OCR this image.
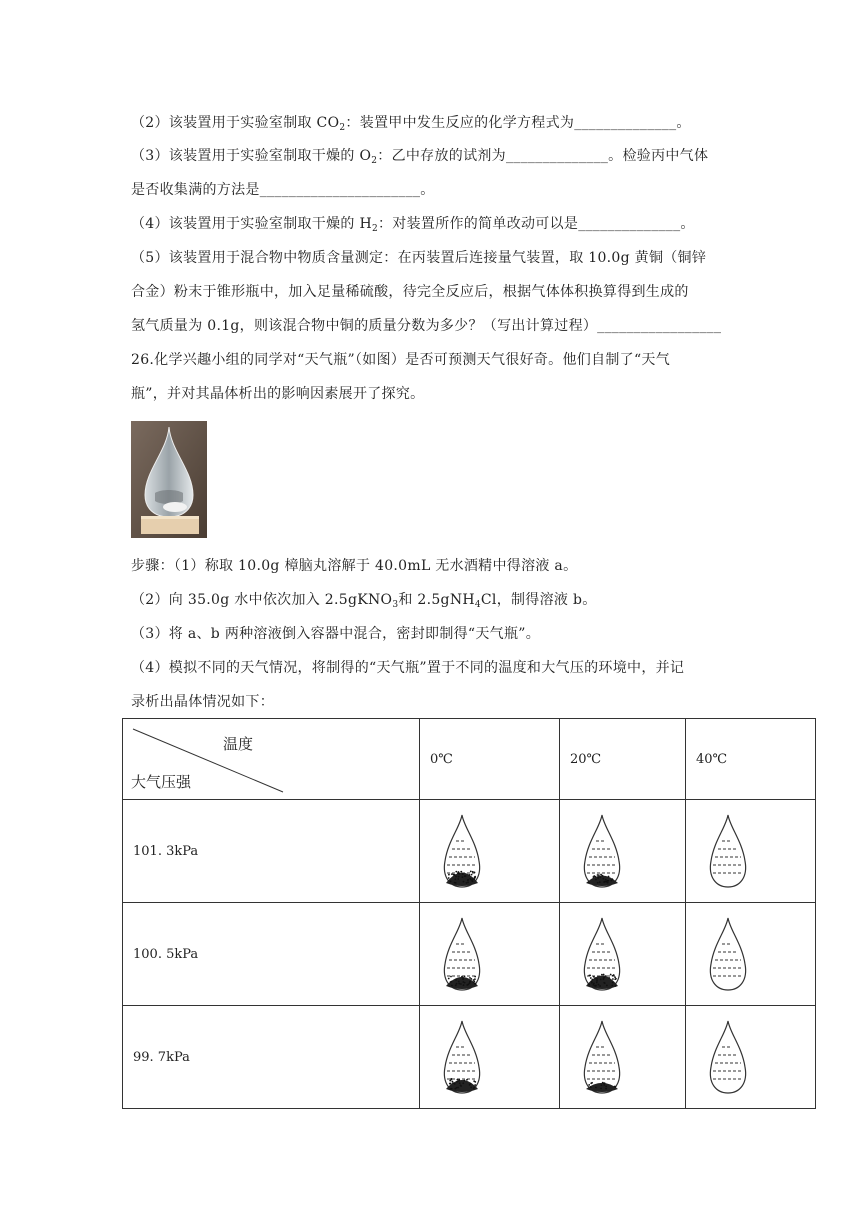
（2）该装置用于实验室制取 $CO_2$：装置甲中发生反应的化学方程式为______________。
（3）该装置用于实验室制取干燥的 $O_2$：乙中存放的试剂为______________。检验丙中气体
是否收集满的方法是______________________。
（4）该装置用于实验室制取干燥的 $H_2$：对装置所作的简单改动可以是______________。
（5）该装置用于混合物中物质含量测定：在丙装置后连接量气装置，取 10.0g 黄铜（铜锌
合金）粉末于锥形瓶中，加入足量稀硫酸，待完全反应后，根据气体体积换算得到生成的
氢气质量为 0.1g，则该混合物中铜的质量分数为多少？（写出计算过程）_________________
26.化学兴趣小组的同学对“天气瓶”（如图）是否可预测天气很好奇。他们自制了“天气
瓶”，并对其晶体析出的影响因素展开了探究。
步骤：（1）称取 10.0g 樟脑丸溶解于 40.0mL 无水酒精中得溶液 a。
（2）向 35.0g 水中依次加入 2.5gKNO$_3$和 2.5gNH$_4$Cl，制得溶液 b。
（3）将 a、b 两种溶液倒入容器中混合，密封即制得“天气瓶”。
（4）模拟不同的天气情况，将制得的“天气瓶”置于不同的温度和大气压的环境中，并记
录析出晶体情况如下：
温度
大气压强	0℃	20℃	40℃
101. 3kPa	

100. 5kPa	

99. 7kPa	
